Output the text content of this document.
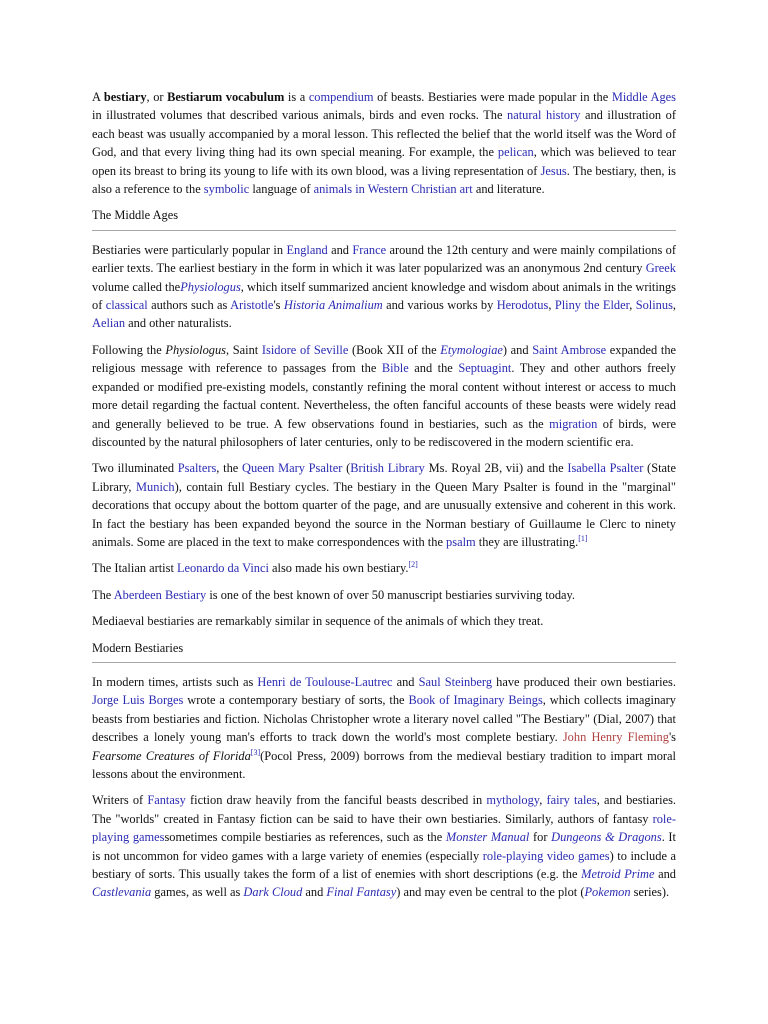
A bestiary, or Bestiarum vocabulum is a compendium of beasts. Bestiaries were made popular in the Middle Ages in illustrated volumes that described various animals, birds and even rocks. The natural history and illustration of each beast was usually accompanied by a moral lesson. This reflected the belief that the world itself was the Word of God, and that every living thing had its own special meaning. For example, the pelican, which was believed to tear open its breast to bring its young to life with its own blood, was a living representation of Jesus. The bestiary, then, is also a reference to the symbolic language of animals in Western Christian art and literature.

The Middle Ages

Bestiaries were particularly popular in England and France around the 12th century and were mainly compilations of earlier texts. The earliest bestiary in the form in which it was later popularized was an anonymous 2nd century Greek volume called thePhysiologus, which itself summarized ancient knowledge and wisdom about animals in the writings of classical authors such as Aristotle's Historia Animalium and various works by Herodotus, Pliny the Elder, Solinus, Aelian and other naturalists.

Following the Physiologus, Saint Isidore of Seville (Book XII of the Etymologiae) and Saint Ambrose expanded the religious message with reference to passages from the Bible and the Septuagint. They and other authors freely expanded or modified pre-existing models, constantly refining the moral content without interest or access to much more detail regarding the factual content. Nevertheless, the often fanciful accounts of these beasts were widely read and generally believed to be true. A few observations found in bestiaries, such as the migration of birds, were discounted by the natural philosophers of later centuries, only to be rediscovered in the modern scientific era.

Two illuminated Psalters, the Queen Mary Psalter (British Library Ms. Royal 2B, vii) and the Isabella Psalter (State Library, Munich), contain full Bestiary cycles. The bestiary in the Queen Mary Psalter is found in the "marginal" decorations that occupy about the bottom quarter of the page, and are unusually extensive and coherent in this work. In fact the bestiary has been expanded beyond the source in the Norman bestiary of Guillaume le Clerc to ninety animals. Some are placed in the text to make correspondences with the psalm they are illustrating.[1]

The Italian artist Leonardo da Vinci also made his own bestiary.[2]

The Aberdeen Bestiary is one of the best known of over 50 manuscript bestiaries surviving today.

Mediaeval bestiaries are remarkably similar in sequence of the animals of which they treat.

Modern Bestiaries

In modern times, artists such as Henri de Toulouse-Lautrec and Saul Steinberg have produced their own bestiaries. Jorge Luis Borges wrote a contemporary bestiary of sorts, the Book of Imaginary Beings, which collects imaginary beasts from bestiaries and fiction. Nicholas Christopher wrote a literary novel called "The Bestiary" (Dial, 2007) that describes a lonely young man's efforts to track down the world's most complete bestiary. John Henry Fleming's Fearsome Creatures of Florida[3](Pocol Press, 2009) borrows from the medieval bestiary tradition to impart moral lessons about the environment.

Writers of Fantasy fiction draw heavily from the fanciful beasts described in mythology, fairy tales, and bestiaries. The "worlds" created in Fantasy fiction can be said to have their own bestiaries. Similarly, authors of fantasy role-playing gamessometimes compile bestiaries as references, such as the Monster Manual for Dungeons & Dragons. It is not uncommon for video games with a large variety of enemies (especially role-playing video games) to include a bestiary of sorts. This usually takes the form of a list of enemies with short descriptions (e.g. the Metroid Prime and Castlevania games, as well as Dark Cloud and Final Fantasy) and may even be central to the plot (Pokemon series).
